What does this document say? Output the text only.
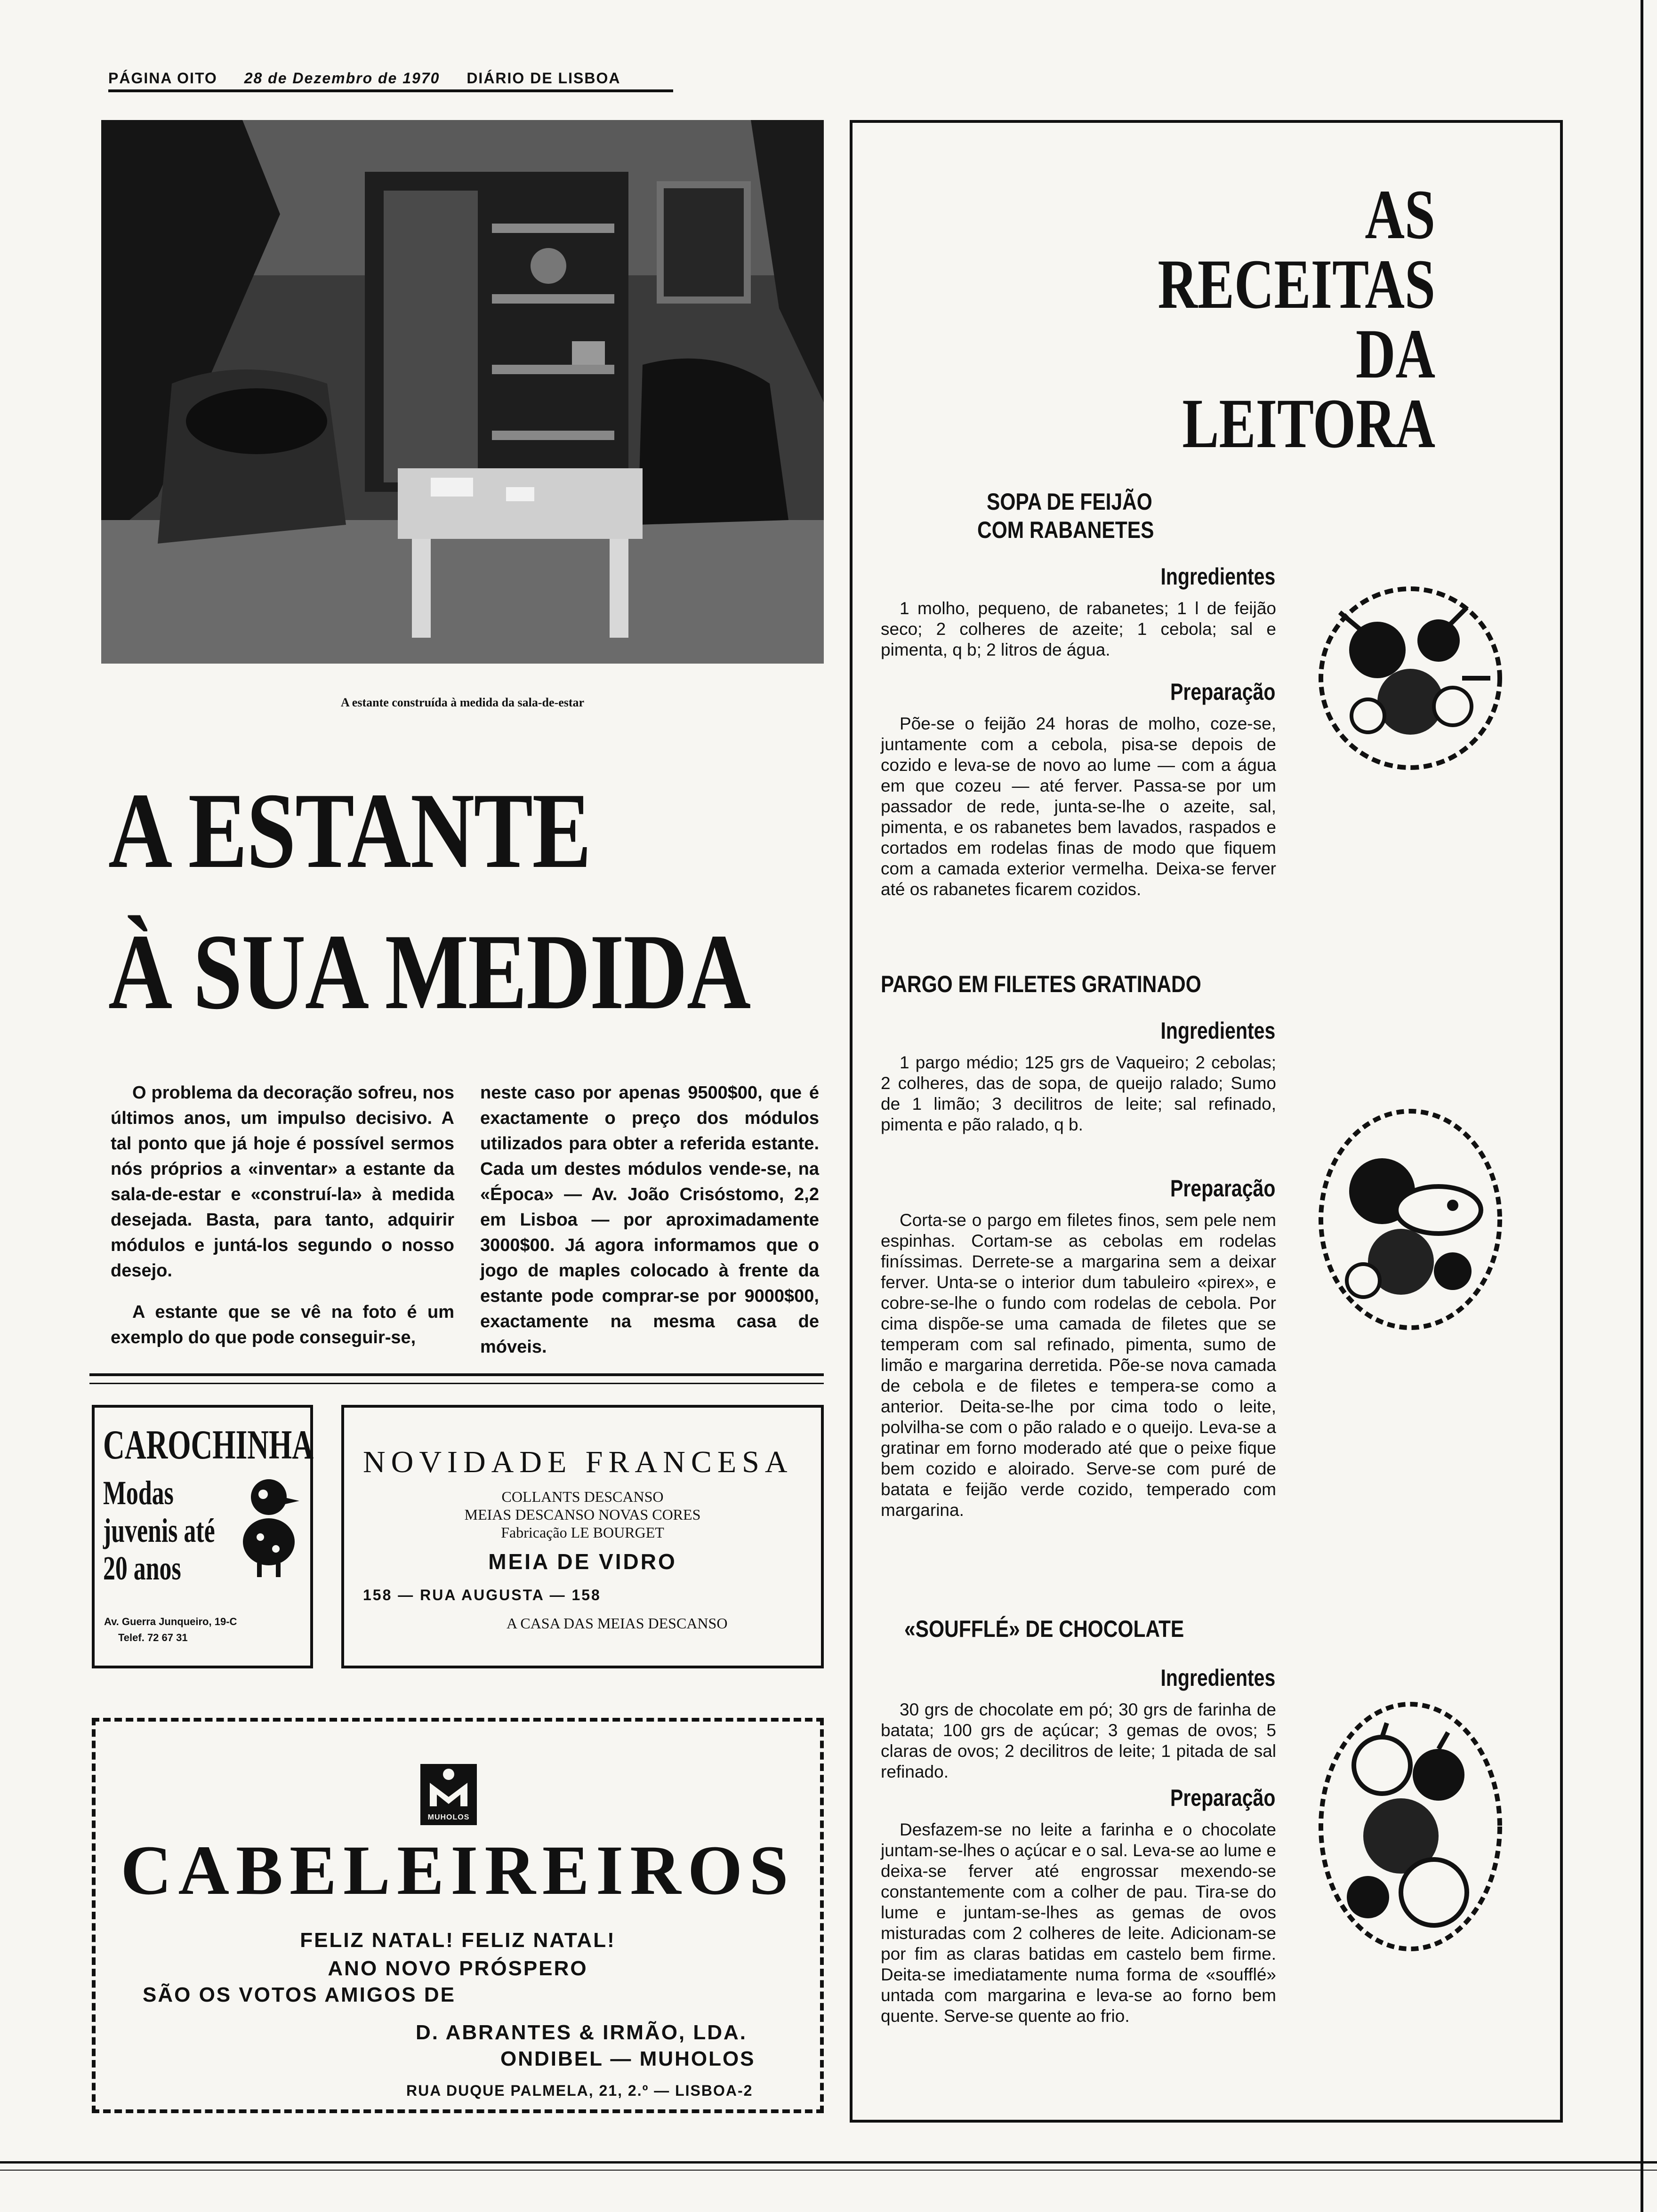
PÁGINA OITO 28 de Dezembro de 1970 DIÁRIO DE LISBOA
A estante construída à medida da sala-de-estar
A ESTANTE
À SUA MEDIDA

O problema da decoração sofreu, nos últimos anos, um impulso decisivo. A tal ponto que já hoje é possível sermos nós próprios a «inventar» a estante da sala-de-estar e «construí-la» à medida desejada. Basta, para tanto, adquirir módulos e juntá-los segundo o nosso desejo.

A estante que se vê na foto é um exemplo do que pode conseguir-se,

neste caso por apenas 9500$00, que é exactamente o preço dos módulos utilizados para obter a referida estante. Cada um destes módulos vende-se, na «Época» — Av. João Crisóstomo, 2,2 em Lisboa — por aproximadamente 3000$00. Já agora informamos que o jogo de maples colocado à frente da estante pode comprar-se por 9000$00, exactamente na mesma casa de móveis.

CAROCHINHA
Modas
juvenis até
20 anos
Av. Guerra Junqueiro, 19-C
Telef. 72 67 31
NOVIDADE FRANCESA
COLLANTS DESCANSO
MEIAS DESCANSO NOVAS CORES
Fabricação LE BOURGET
MEIA DE VIDRO
158 — RUA AUGUSTA — 158
A CASA DAS MEIAS DESCANSO
MUHOLOS
CABELEIREIROS
FELIZ NATAL! FELIZ NATAL!
ANO NOVO PRÓSPERO
SÃO OS VOTOS AMIGOS DE
D. ABRANTES & IRMÃO, LDA.
ONDIBEL — MUHOLOS
RUA DUQUE PALMELA, 21, 2.º — LISBOA-2
AS
RECEITAS
DA
LEITORA
SOPA DE FEIJÃO
COM RABANETES
Ingredientes

1 molho, pequeno, de rabanetes; 1 l de feijão seco; 2 colheres de azeite; 1 cebola; sal e pimenta, q b; 2 litros de água.

Preparação

Põe-se o feijão 24 horas de molho, coze-se, juntamente com a cebola, pisa-se depois de cozido e leva-se de novo ao lume — com a água em que cozeu — até ferver. Passa-se por um passador de rede, junta-se-lhe o azeite, sal, pimenta, e os rabanetes bem lavados, raspados e cortados em rodelas finas de modo que fiquem com a camada exterior vermelha. Deixa-se ferver até os rabanetes ficarem cozidos.

PARGO EM FILETES GRATINADO
Ingredientes

1 pargo médio; 125 grs de Vaqueiro; 2 cebolas; 2 colheres, das de sopa, de queijo ralado; Sumo de 1 limão; 3 decilitros de leite; sal refinado, pimenta e pão ralado, q b.

Preparação

Corta-se o pargo em filetes finos, sem pele nem espinhas. Cortam-se as cebolas em rodelas finíssimas. Derrete-se a margarina sem a deixar ferver. Unta-se o interior dum tabuleiro «pirex», e cobre-se-lhe o fundo com rodelas de cebola. Por cima dispõe-se uma camada de filetes que se temperam com sal refinado, pimenta, sumo de limão e margarina derretida. Põe-se nova camada de cebola e de filetes e tempera-se como a anterior. Deita-se-lhe por cima todo o leite, polvilha-se com o pão ralado e o queijo. Leva-se a gratinar em forno moderado até que o peixe fique bem cozido e aloirado. Serve-se com puré de batata e feijão verde cozido, temperado com margarina.

«SOUFFLÉ» DE CHOCOLATE
Ingredientes

30 grs de chocolate em pó; 30 grs de farinha de batata; 100 grs de açúcar; 3 gemas de ovos; 5 claras de ovos; 2 decilitros de leite; 1 pitada de sal refinado.

Preparação

Desfazem-se no leite a farinha e o chocolate juntam-se-lhes o açúcar e o sal. Leva-se ao lume e deixa-se ferver até engrossar mexendo-se constantemente com a colher de pau. Tira-se do lume e juntam-se-lhes as gemas de ovos misturadas com 2 colheres de leite. Adicionam-se por fim as claras batidas em castelo bem firme. Deita-se imediatamente numa forma de «soufflé» untada com margarina e leva-se ao forno bem quente. Serve-se quente ao frio.
